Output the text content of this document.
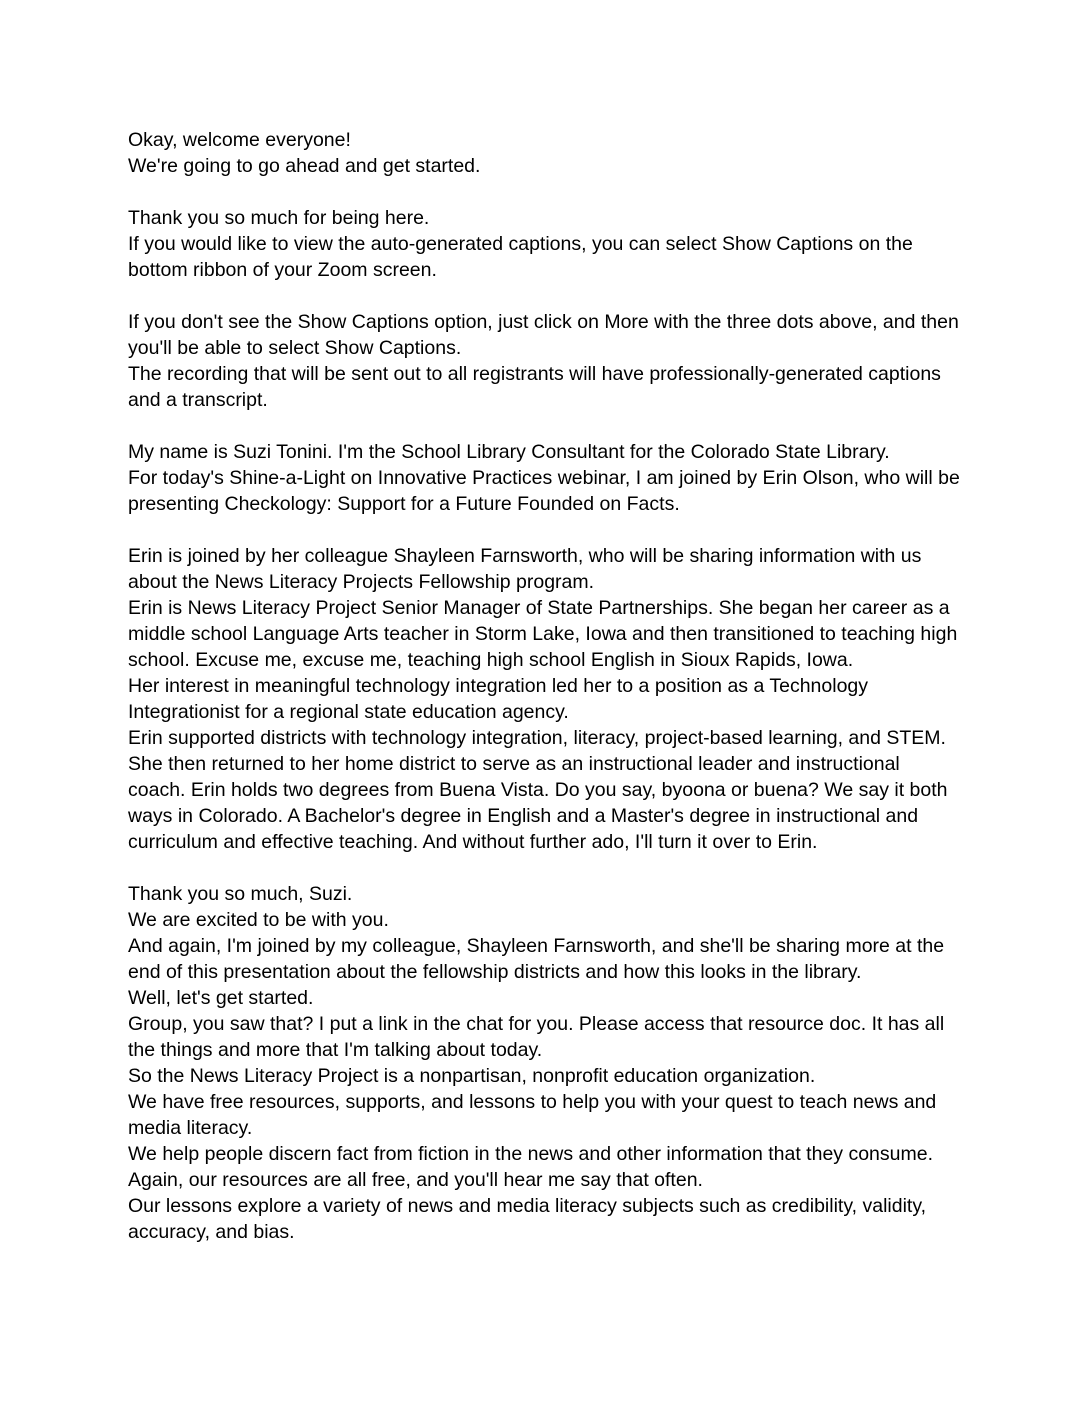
Okay, welcome everyone!

We're going to go ahead and get started.

Thank you so much for being here.

If you would like to view the auto-generated captions, you can select Show Captions on the bottom ribbon of your Zoom screen.

If you don't see the Show Captions option, just click on More with the three dots above, and then you'll be able to select Show Captions.

The recording that will be sent out to all registrants will have professionally-generated captions and a transcript.

My name is Suzi Tonini. I'm the School Library Consultant for the Colorado State Library.

For today's Shine-a-Light on Innovative Practices webinar, I am joined by Erin Olson, who will be presenting Checkology: Support for a Future Founded on Facts.

Erin is joined by her colleague Shayleen Farnsworth, who will be sharing information with us about the News Literacy Projects Fellowship program.

Erin is News Literacy Project Senior Manager of State Partnerships. She began her career as a middle school Language Arts teacher in Storm Lake, Iowa and then transitioned to teaching high school. Excuse me, excuse me, teaching high school English in Sioux Rapids, Iowa.

Her interest in meaningful technology integration led her to a position as a Technology Integrationist for a regional state education agency.

Erin supported districts with technology integration, literacy, project-based learning, and STEM. She then returned to her home district to serve as an instructional leader and instructional coach. Erin holds two degrees from Buena Vista. Do you say, byoona or buena? We say it both ways in Colorado. A Bachelor's degree in English and a Master's degree in instructional and curriculum and effective teaching. And without further ado, I'll turn it over to Erin.

Thank you so much, Suzi.

We are excited to be with you.

And again, I'm joined by my colleague, Shayleen Farnsworth, and she'll be sharing more at the end of this presentation about the fellowship districts and how this looks in the library.

Well, let's get started.

Group, you saw that? I put a link in the chat for you. Please access that resource doc. It has all the things and more that I'm talking about today.

So the News Literacy Project is a nonpartisan, nonprofit education organization.

We have free resources, supports, and lessons to help you with your quest to teach news and media literacy.

We help people discern fact from fiction in the news and other information that they consume.

Again, our resources are all free, and you'll hear me say that often.

Our lessons explore a variety of news and media literacy subjects such as credibility, validity, accuracy, and bias.
